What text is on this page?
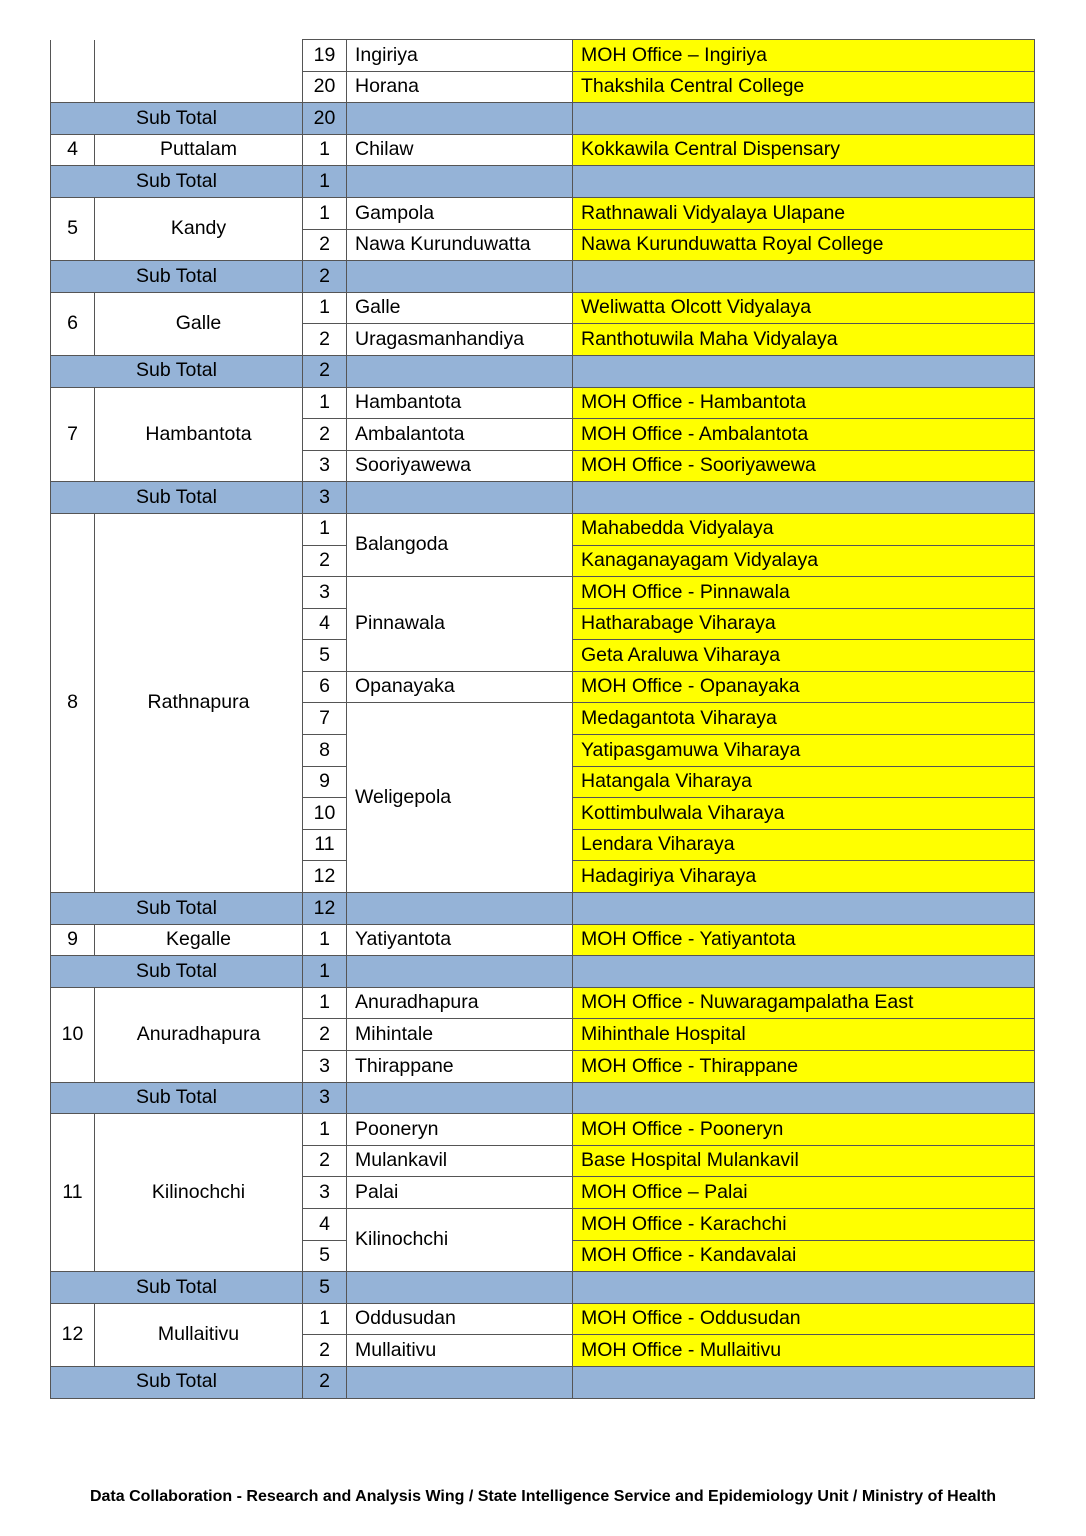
		19	Ingiriya	MOH Office – Ingiriya
		20	Horana	Thakshila Central College
Sub Total		20		
4	Puttalam	1	Chilaw	Kokkawila Central Dispensary
Sub Total		1		
5	Kandy	1	Gampola	Rathnawali Vidyalaya Ulapane
		2	Nawa Kurunduwatta	Nawa Kurunduwatta Royal College
Sub Total		2		
6	Galle	1	Galle	Weliwatta Olcott Vidyalaya
		2	Uragasmanhandiya	Ranthotuwila Maha Vidyalaya
Sub Total		2		
7	Hambantota	1	Hambantota	MOH Office - Hambantota
		2	Ambalantota	MOH Office - Ambalantota
		3	Sooriyawewa	MOH Office - Sooriyawewa
Sub Total		3		
8	Rathnapura	1	Balangoda	Mahabedda Vidyalaya
		2		Kanaganayagam Vidyalaya
		3	Pinnawala	MOH Office - Pinnawala
		4		Hatharabage Viharaya
		5		Geta Araluwa Viharaya
		6	Opanayaka	MOH Office - Opanayaka
		7	Weligepola	Medagantota Viharaya
		8		Yatipasgamuwa Viharaya
		9		Hatangala Viharaya
		10		Kottimbulwala Viharaya
		11		Lendara Viharaya
		12		Hadagiriya Viharaya
Sub Total		12		
9	Kegalle	1	Yatiyantota	MOH Office - Yatiyantota
Sub Total		1		
10	Anuradhapura	1	Anuradhapura	MOH Office - Nuwaragampalatha East
		2	Mihintale	Mihinthale Hospital
		3	Thirappane	MOH Office - Thirappane
Sub Total		3		
11	Kilinochchi	1	Pooneryn	MOH Office - Pooneryn
		2	Mulankavil	Base Hospital Mulankavil
		3	Palai	MOH Office – Palai
		4	Kilinochchi	MOH Office - Karachchi
		5		MOH Office - Kandavalai
Sub Total		5		
12	Mullaitivu	1	Oddusudan	MOH Office - Oddusudan
		2	Mullaitivu	MOH Office - Mullaitivu
Sub Total		2		
Data Collaboration - Research and Analysis Wing / State Intelligence Service and Epidemiology Unit / Ministry of Health
